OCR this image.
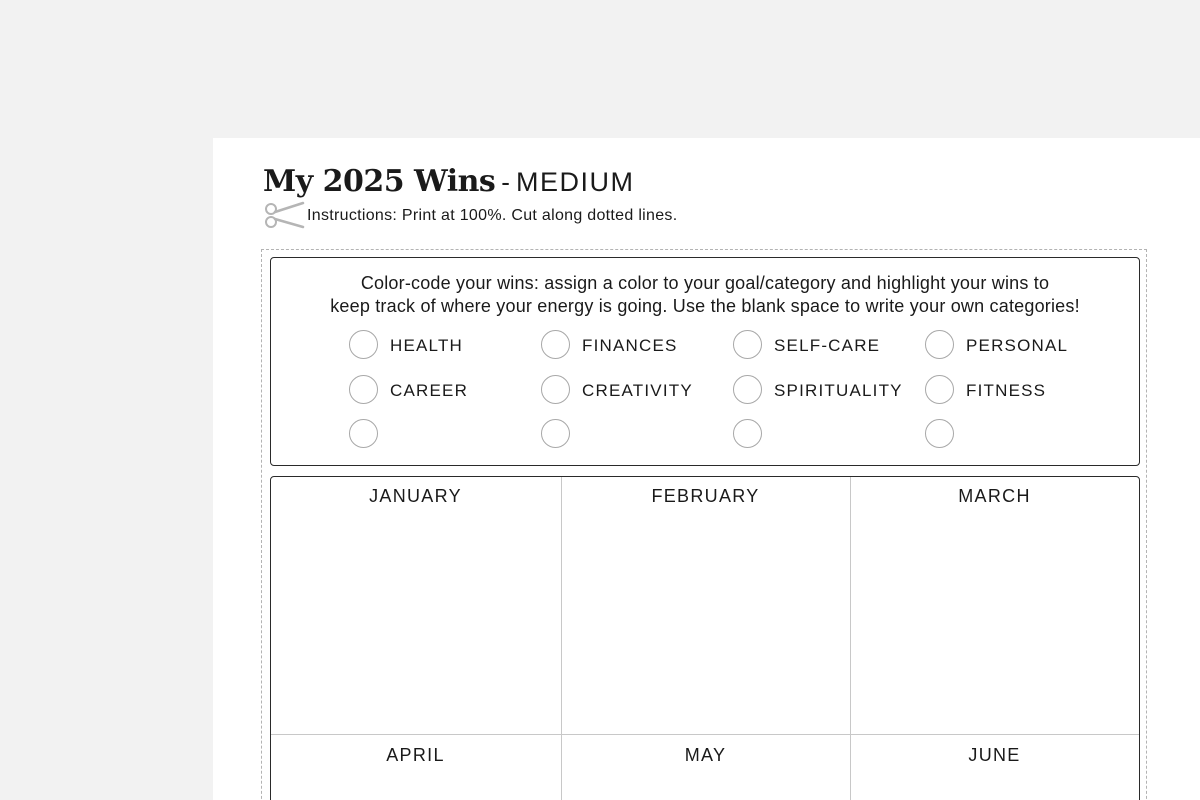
My 2025 Wins - MEDIUM
Instructions: Print at 100%. Cut along dotted lines.
Color-code your wins: assign a color to your goal/category and highlight your wins to
keep track of where your energy is going. Use the blank space to write your own categories!
HEALTH	FINANCES	SELF-CARE	PERSONAL
CAREER	CREATIVITY	SPIRITUALITY	FITNESS
JANUARY	FEBRUARY	MARCH
APRIL	MAY	JUNE
